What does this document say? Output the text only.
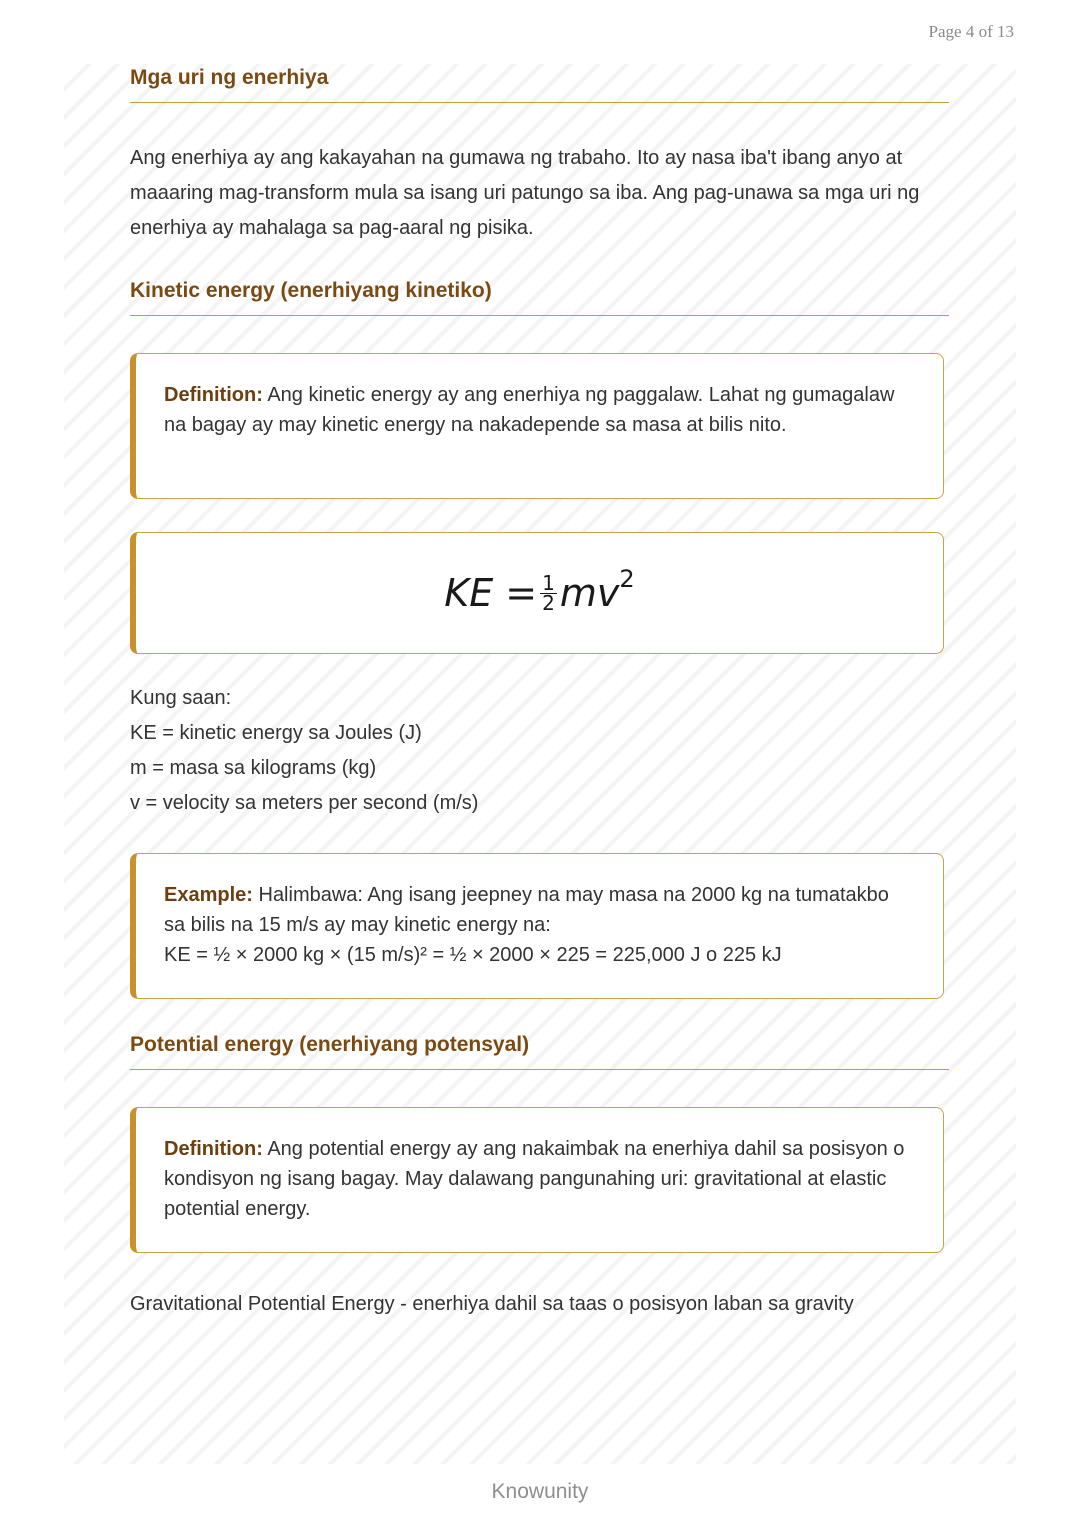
Page 4 of 13
Mga uri ng enerhiya
Ang enerhiya ay ang kakayahan na gumawa ng trabaho. Ito ay nasa iba't ibang anyo at maaaring mag-transform mula sa isang uri patungo sa iba. Ang pag-unawa sa mga uri ng enerhiya ay mahalaga sa pag-aaral ng pisika.
Kinetic energy (enerhiyang kinetiko)
Definition: Ang kinetic energy ay ang enerhiya ng paggalaw. Lahat ng gumagalaw na bagay ay may kinetic energy na nakadepende sa masa at bilis nito.
KE = $\frac{1}{2}$ mv 2
Kung saan:
KE = kinetic energy sa Joules (J)
m = masa sa kilograms (kg)
v = velocity sa meters per second (m/s)
Example: Halimbawa: Ang isang jeepney na may masa na 2000 kg na tumatakbo sa bilis na 15 m/s ay may kinetic energy na:
KE = ½ × 2000 kg × (15 m/s)² = ½ × 2000 × 225 = 225,000 J o 225 kJ
Potential energy (enerhiyang potensyal)
Definition: Ang potential energy ay ang nakaimbak na enerhiya dahil sa posisyon o kondisyon ng isang bagay. May dalawang pangunahing uri: gravitational at elastic potential energy.
Gravitational Potential Energy - enerhiya dahil sa taas o posisyon laban sa gravity
Knowunity
